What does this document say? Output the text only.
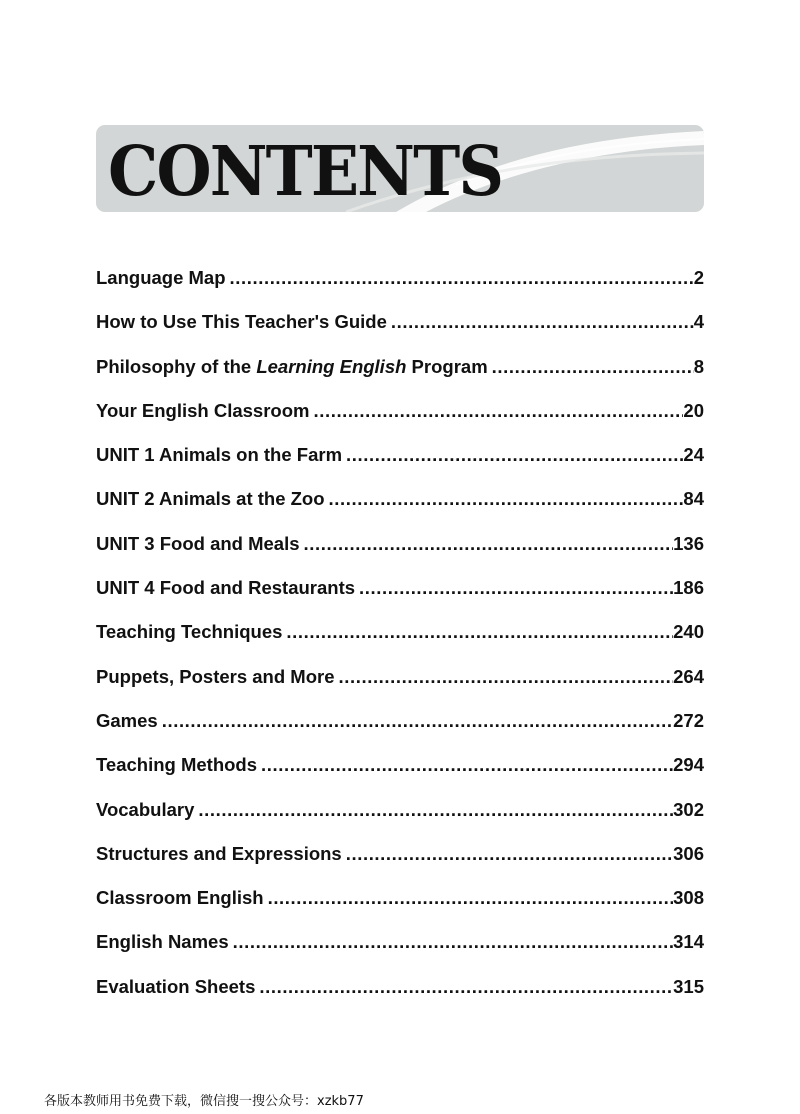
CONTENTS
Language Map .....	2
How to Use This Teacher's Guide .....	4
Philosophy of the Learning English Program .....	8
Your English Classroom .....	20
UNIT 1 Animals on the Farm .....	24
UNIT 2 Animals at the Zoo .....	84
UNIT 3 Food and Meals .....	136
UNIT 4 Food and Restaurants .....	186
Teaching Techniques .....	240
Puppets, Posters and More .....	264
Games .....	272
Teaching Methods .....	294
Vocabulary .....	302
Structures and Expressions .....	306
Classroom English .....	308
English Names .....	314
Evaluation Sheets .....	315
各版本教师用书免费下载，微信搜一搜公众号：xzkb77
